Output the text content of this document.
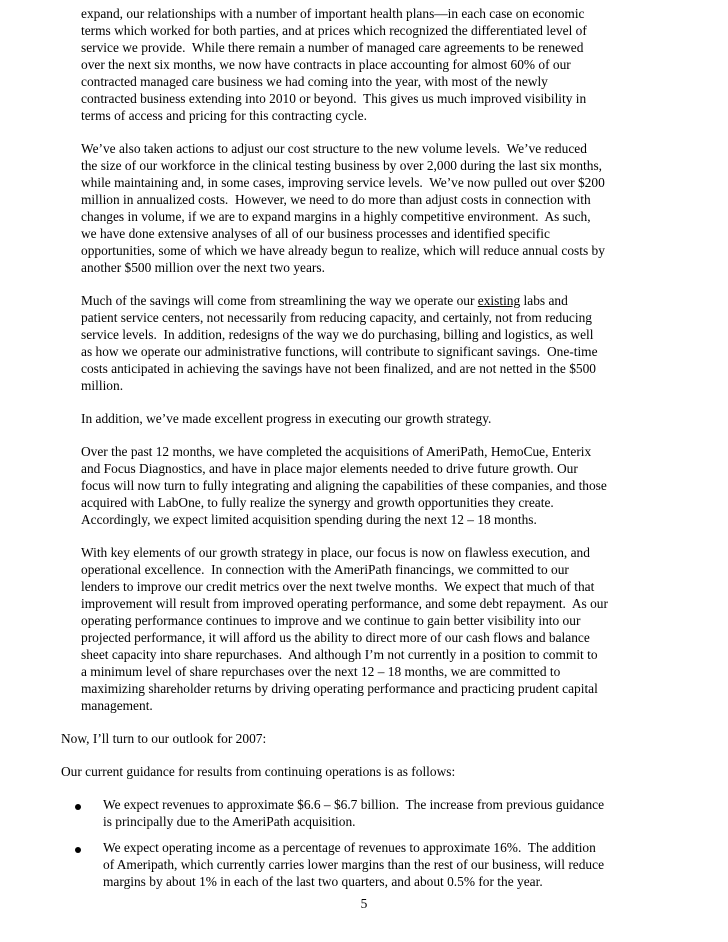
expand, our relationships with a number of important health plans—in each case on economic
terms which worked for both parties, and at prices which recognized the differentiated level of
service we provide.  While there remain a number of managed care agreements to be renewed
over the next six months, we now have contracts in place accounting for almost 60% of our
contracted managed care business we had coming into the year, with most of the newly
contracted business extending into 2010 or beyond.  This gives us much improved visibility in
terms of access and pricing for this contracting cycle.
We’ve also taken actions to adjust our cost structure to the new volume levels.  We’ve reduced
the size of our workforce in the clinical testing business by over 2,000 during the last six months,
while maintaining and, in some cases, improving service levels.  We’ve now pulled out over $200
million in annualized costs.  However, we need to do more than adjust costs in connection with
changes in volume, if we are to expand margins in a highly competitive environment.  As such,
we have done extensive analyses of all of our business processes and identified specific
opportunities, some of which we have already begun to realize, which will reduce annual costs by
another $500 million over the next two years.
Much of the savings will come from streamlining the way we operate our existing labs and
patient service centers, not necessarily from reducing capacity, and certainly, not from reducing
service levels.  In addition, redesigns of the way we do purchasing, billing and logistics, as well
as how we operate our administrative functions, will contribute to significant savings.  One-time
costs anticipated in achieving the savings have not been finalized, and are not netted in the $500
million.
In addition, we’ve made excellent progress in executing our growth strategy.
Over the past 12 months, we have completed the acquisitions of AmeriPath, HemoCue, Enterix
and Focus Diagnostics, and have in place major elements needed to drive future growth. Our
focus will now turn to fully integrating and aligning the capabilities of these companies, and those
acquired with LabOne, to fully realize the synergy and growth opportunities they create.
Accordingly, we expect limited acquisition spending during the next 12 – 18 months.
With key elements of our growth strategy in place, our focus is now on flawless execution, and
operational excellence.  In connection with the AmeriPath financings, we committed to our
lenders to improve our credit metrics over the next twelve months.  We expect that much of that
improvement will result from improved operating performance, and some debt repayment.  As our
operating performance continues to improve and we continue to gain better visibility into our
projected performance, it will afford us the ability to direct more of our cash flows and balance
sheet capacity into share repurchases.  And although I’m not currently in a position to commit to
a minimum level of share repurchases over the next 12 – 18 months, we are committed to
maximizing shareholder returns by driving operating performance and practicing prudent capital
management.
Now, I’ll turn to our outlook for 2007:
Our current guidance for results from continuing operations is as follows:
We expect revenues to approximate $6.6 – $6.7 billion.  The increase from previous guidance
is principally due to the AmeriPath acquisition.
We expect operating income as a percentage of revenues to approximate 16%.  The addition
of Ameripath, which currently carries lower margins than the rest of our business, will reduce
margins by about 1% in each of the last two quarters, and about 0.5% for the year.
5
